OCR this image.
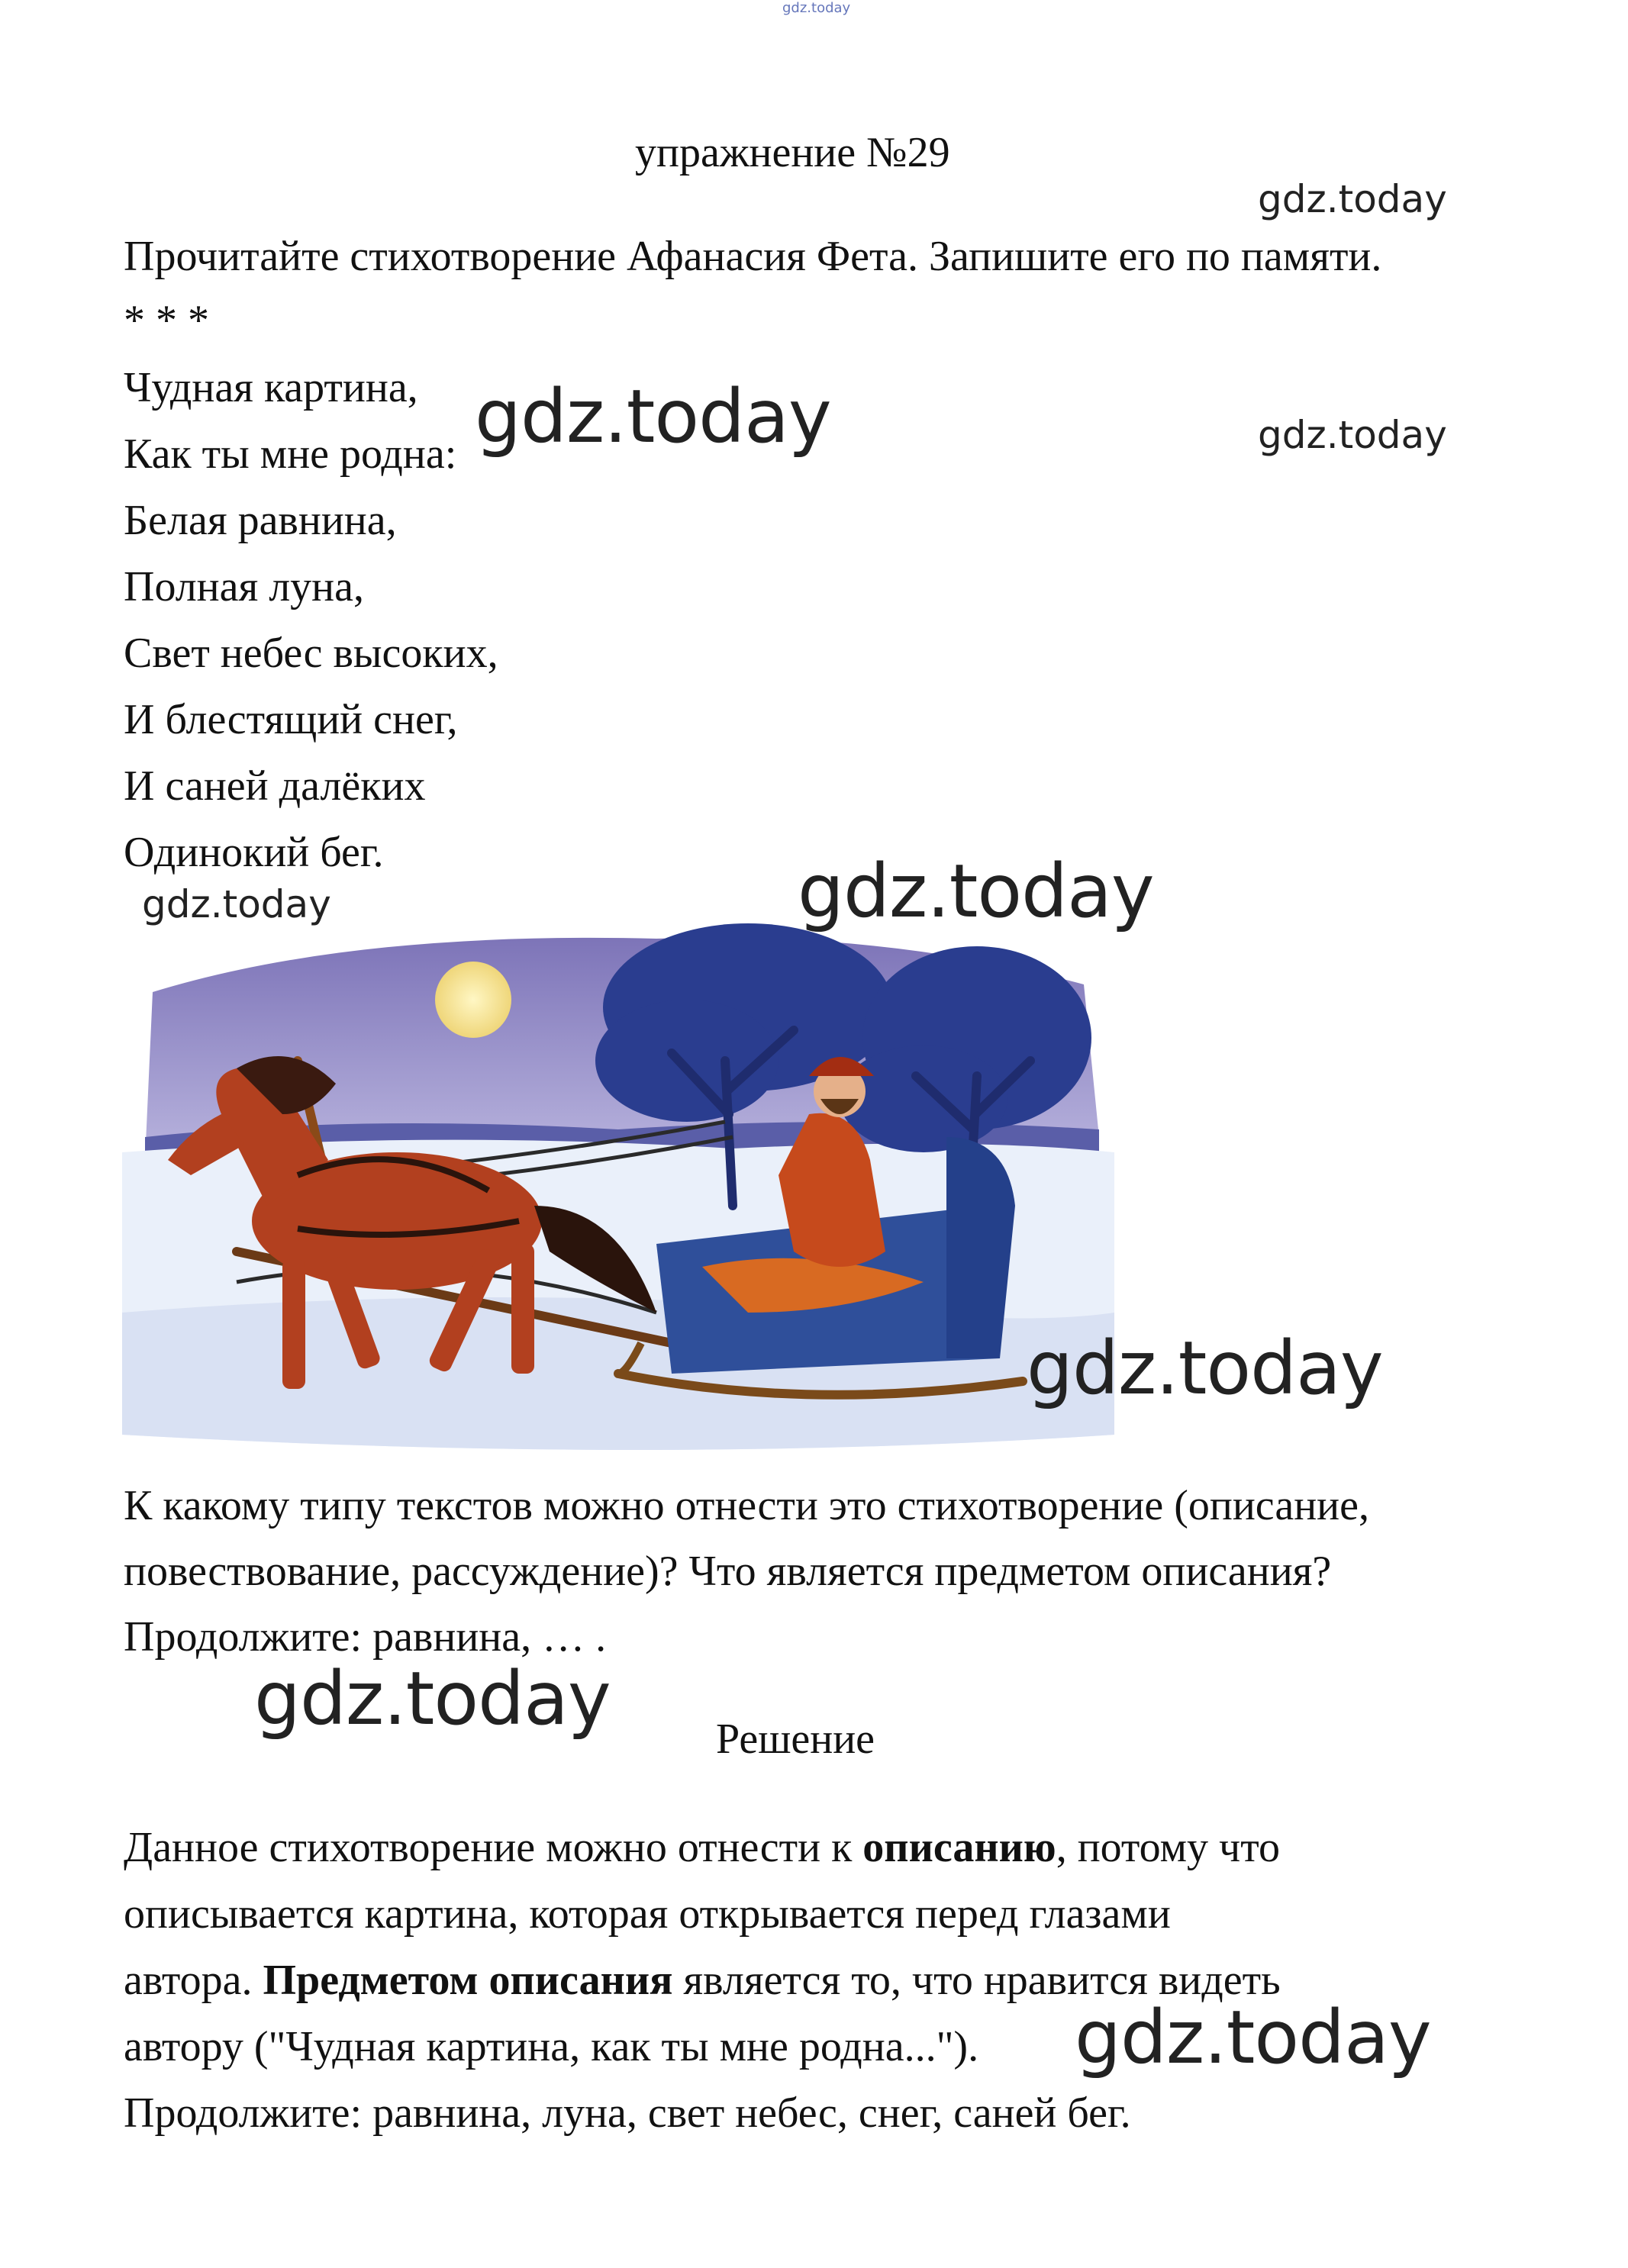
gdz.today
упражнение №29
gdz.today
Прочитайте стихотворение Афанасия Фета. Запишите его по памяти.
* * *
Чудная картина,
Как ты мне родна:
Белая равнина,
Полная луна,
Свет небес высоких,
И блестящий снег,
И саней далёких
Одинокий бег.
gdz.today	gdz.today
gdz.today	gdz.today
gdz.today
К какому типу текстов можно отнести это стихотворение (описание,
повествование, рассуждение)? Что является предметом описания?
Продолжите: равнина, … .
gdz.today Решение
Данное стихотворение можно отнести к описанию, потому что
описывается картина, которая открывается перед глазами
автора. Предметом описания является то, что нравится видеть
автору ("Чудная картина, как ты мне родна...").
Продолжите: равнина, луна, свет небес, снег, саней бег.
gdz.today
